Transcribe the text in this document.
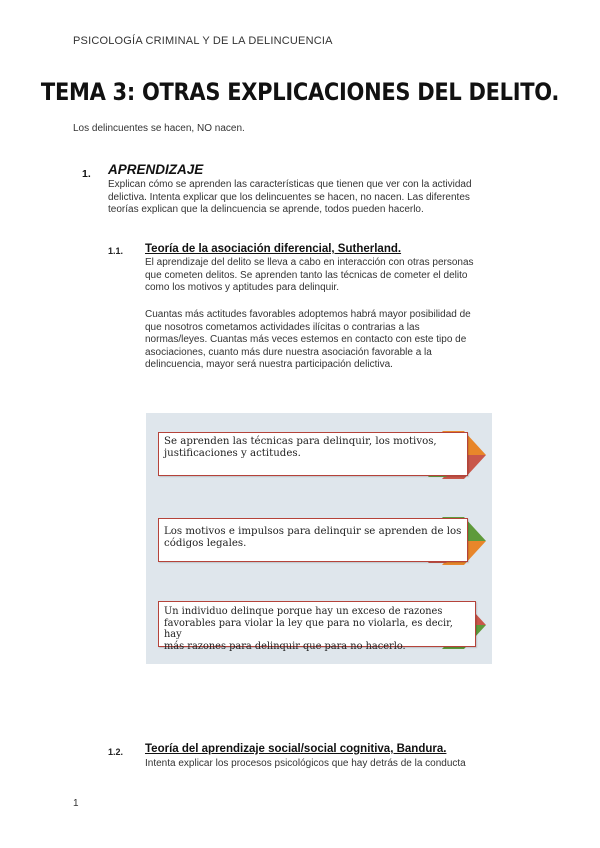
PSICOLOGÍA CRIMINAL Y DE LA DELINCUENCIA
TEMA 3: OTRAS EXPLICACIONES DEL DELITO.
Los delincuentes se hacen, NO nacen.
1. APRENDIZAJE
Explican cómo se aprenden las características que tienen que ver con la actividad
delictiva. Intenta explicar que los delincuentes se hacen, no nacen. Las diferentes
teorías explican que la delincuencia se aprende, todos pueden hacerlo.
1.1. Teoría de la asociación diferencial, Sutherland.
El aprendizaje del delito se lleva a cabo en interacción con otras personas
que cometen delitos. Se aprenden tanto las técnicas de cometer el delito
como los motivos y aptitudes para delinquir.
Cuantas más actitudes favorables adoptemos habrá mayor posibilidad de
que nosotros cometamos actividades ilícitas o contrarias a las
normas/leyes. Cuantas más veces estemos en contacto con este tipo de
asociaciones, cuanto más dure nuestra asociación favorable a la
delincuencia, mayor será nuestra participación delictiva.
Se aprenden las técnicas para delinquir, los motivos,
justificaciones y actitudes.
Los motivos e impulsos para delinquir se aprenden de los
códigos legales.
Un individuo delinque porque hay un exceso de razones
favorables para violar la ley que para no violarla, es decir, hay
más razones para delinquir que para no hacerlo.
1.2. Teoría del aprendizaje social/social cognitiva, Bandura.
Intenta explicar los procesos psicológicos que hay detrás de la conducta
1
